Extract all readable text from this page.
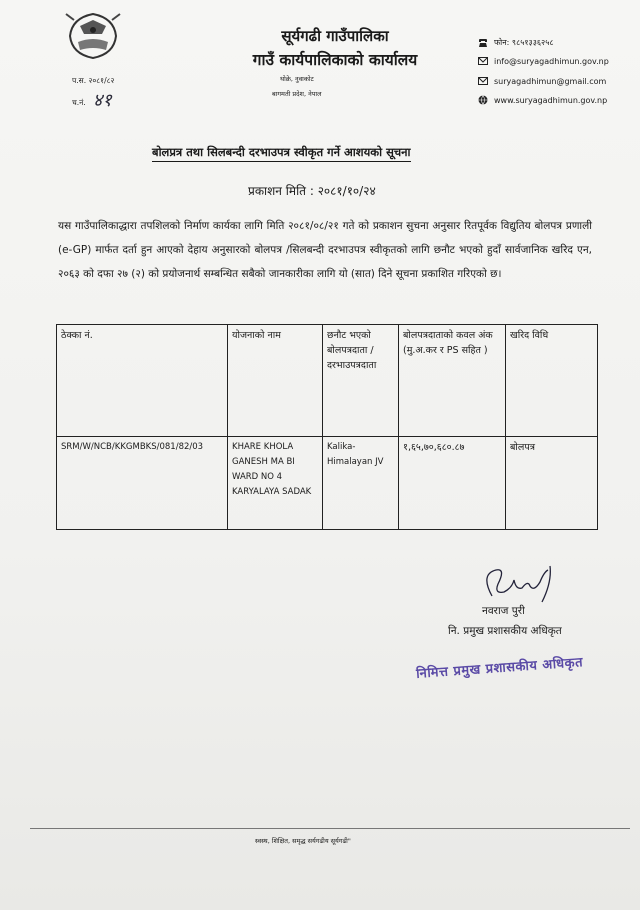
सूर्यगढी गाउँपालिका
गाउँ कार्यपालिकाको कार्यालय
थोक्रे, नुवाकोट
बागमती प्रदेश, नेपाल
प.स. २०८१/८२
च.नं. ४१
फोन: ९८५१३३६२५८
info@suryagadhimun.gov.np
suryagadhimun@gmail.com
www.suryagadhimun.gov.np
बोलप्रत्र तथा सिलबन्दी दरभाउपत्र स्वीकृत गर्ने आशयको सूचना
प्रकाशन मिति : २०८१/१०/२४
यस गाउँपालिकाद्धारा तपशिलको निर्माण कार्यका लागि मिति २०८१/०८/२१ गते को प्रकाशन सुचना अनुसार रितपूर्वक विद्युतिय बोलपत्र प्रणाली (e-GP) मार्फत दर्ता हुन आएको देहाय अनुसारको बोलपत्र /सिलबन्दी दरभाउपत्र स्वीकृतको लागि छनौट भएको हुदाँ सार्वजानिक खरिद एन, २०६३ को दफा २७ (२) को प्रयोजनार्थ सम्बन्धित सबैको जानकारीका लागि यो (सात) दिने सूचना प्रकाशित गरिएको छ।
ठेक्का नं.	योजनाको नाम	छनौट भएको बोलपत्रदाता / दरभाउपत्रदाता	बोलपत्रदाताको कवल अंक (मु.अ.कर र PS सहित )	खरिद विधि
SRM/W/NCB/KKGMBKS/081/82/03	KHARE KHOLA GANESH MA BI WARD NO 4 KARYALAYA SADAK	Kalika-Himalayan JV	१,६५,७०,६८०.८७	बोलपत्र
नवराज पुरी
नि. प्रमुख प्रशासकीय अधिकृत
निमित्त प्रमुख प्रशासकीय अधिकृत
स्वस्थ, शिक्षित, समृद्ध सर्यगढीय सूर्यगढी"
